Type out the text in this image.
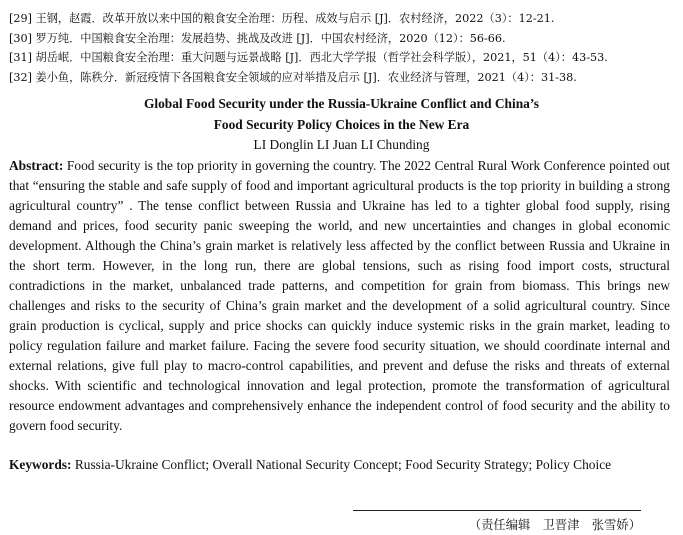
[29] 王钢，赵霞．改革开放以来中国的粮食安全治理：历程、成效与启示 [J]．农村经济，2022（3）：12-21.
[30] 罗万纯．中国粮食安全治理：发展趋势、挑战及改进 [J]．中国农村经济，2020（12）：56-66.
[31] 胡岳岷．中国粮食安全治理：重大问题与远景战略 [J]．西北大学学报（哲学社会科学版），2021，51（4）：43-53.
[32] 姜小鱼，陈秩分．新冠疫情下各国粮食安全领域的应对举措及启示 [J]．农业经济与管理，2021（4）：31-38.
Global Food Security under the Russia-Ukraine Conflict and China’s
Food Security Policy Choices in the New Era
LI Donglin LI Juan LI Chunding
Abstract: Food security is the top priority in governing the country. The 2022 Central Rural Work Conference pointed out that “ensuring the stable and safe supply of food and important agricultural products is the top priority in building a strong agricultural country” . The tense conflict between Russia and Ukraine has led to a tighter global food supply, rising demand and prices, food security panic sweeping the world, and new uncertainties and changes in global economic development. Although the China’s grain market is relatively less affected by the conflict between Russia and Ukraine in the short term. However, in the long run, there are global tensions, such as rising food import costs, structural contradictions in the market, unbalanced trade patterns, and competition for grain from biomass. This brings new challenges and risks to the security of China’s grain market and the development of a solid agricultural country. Since grain production is cyclical, supply and price shocks can quickly induce systemic risks in the grain market, leading to policy regulation failure and market failure. Facing the severe food security situation, we should coordinate internal and external relations, give full play to macro-control capabilities, and prevent and defuse the risks and threats of external shocks. With scientific and technological innovation and legal protection, promote the transformation of agricultural resource endowment advantages and comprehensively enhance the independent control of food security and the ability to govern food security.
Keywords: Russia-Ukraine Conflict; Overall National Security Concept; Food Security Strategy; Policy Choice
（责任编辑　卫晋津　张雪娇）
